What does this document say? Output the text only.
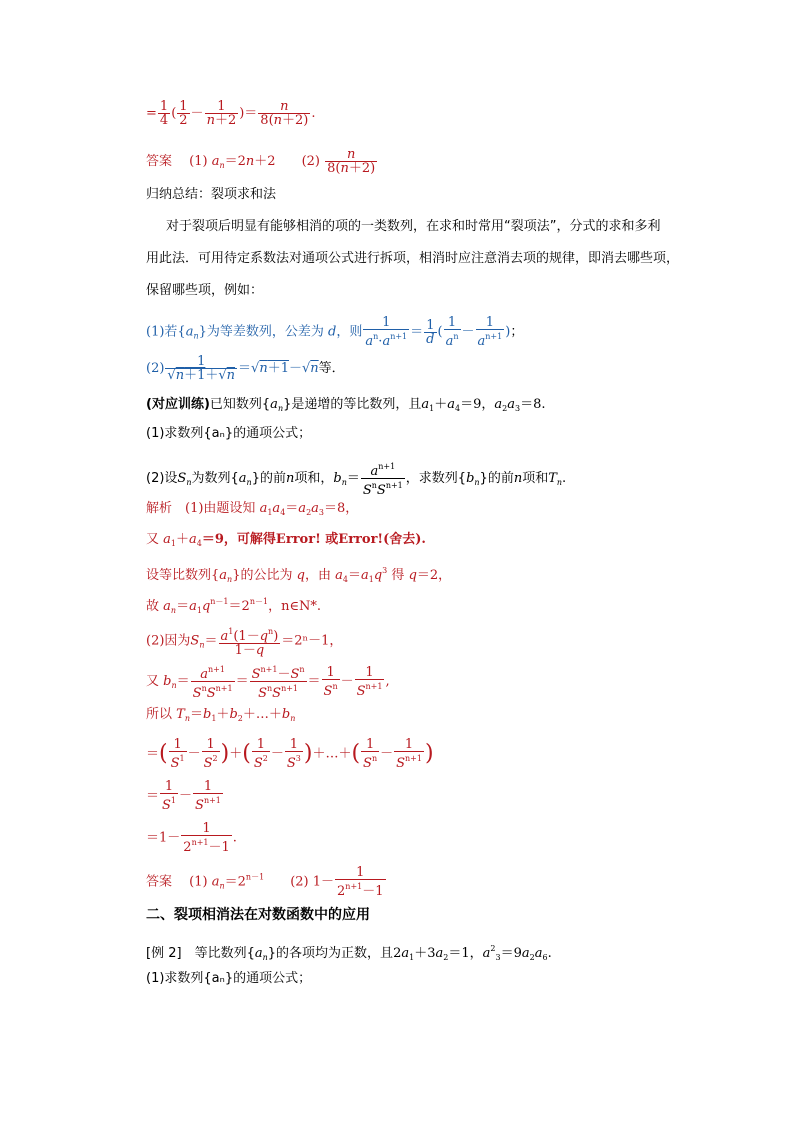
= $\frac{1}{4}$ ( $\frac{1}{2} - \frac{1}{n+2}$ )＝ $\frac{n}{8(n+2)}$ .
答案　 (1) $a_n=2n+2$　　$(2) \frac{n}{8(n+2)}$
归纳总结：裂项求和法
对于裂项后明显有能够相消的项的一类数列，在求和时常用“裂项法”，分式的求和多利
用此法．可用待定系数法对通项公式进行拆项，相消时应注意消去项的规律，即消去哪些项，
保留哪些项，例如：
(1)若$\{a_n\}$为等差数列，公差为 d，则 $\frac{1}{a^n\cdot a^{n+1}} = \frac{1}{d}$ ( $\frac{1}{a^n} - \frac{1}{a^{n+1}}$ )；
$(2) \frac{1}{√n+1+√n} =√n+1-√n$等．
(对应训练)已知数列$\{a_n\}$是递增的等比数列，且$a_1+a_4=9$，$a_2a_3=8$.
(1)求数列{aₙ}的通项公式；
(2)设$S_n$为数列$\{a_n\}$的前n项和，$b_n= \frac{a^{n+1}}{S^nS^{n+1}}$ ，求数列$\{b_n\}$的前n项和$T_n$.
解析　(1)由题设知 $a_1a_4=a_2a_3=8$，
又 $a_1+a_4=9$，可解得Error! 或Error!(舍去).
设等比数列$\{a_n\}$的公比为 q，由 $a_4=a_1q^3$ 得 q＝2，
故 $a_n=a_1q^{n-1}=2^{n-1}$，n∈N*.
(2)因为$S_n= \frac{a^1(1-q^n)}{1-q} =2^n-1$，
又 $b_n= \frac{a^{n+1}}{S^nS^{n+1}} = \frac{S^{n+1}-S^n}{S^nS^{n+1}} = \frac{1}{S^n} - \frac{1}{S^{n+1}}$ ,
所以 $T_n=b_1+b_2+\dots+b_n$
＝( $\frac{1}{S^1} - \frac{1}{S^2}$ )＋( $\frac{1}{S^2} - \frac{1}{S^3}$ )＋…＋( $\frac{1}{S^n} - \frac{1}{S^{n+1}}$ )
＝ $\frac{1}{S^1} - \frac{1}{S^{n+1}}$
$=1- \frac{1}{2^{n+1}-1}$ .
答案　 (1) $a_n=2^{n-1}$　　 (2) $1- \frac{1}{2^{n+1}-1}$
二、裂项相消法在对数函数中的应用
[例 2]　 等比数列$\{a_n\}$的各项均为正数，且$2a_1+3a_2=1$，$a^2_3=9a_2a_6$.
(1)求数列{aₙ}的通项公式；
